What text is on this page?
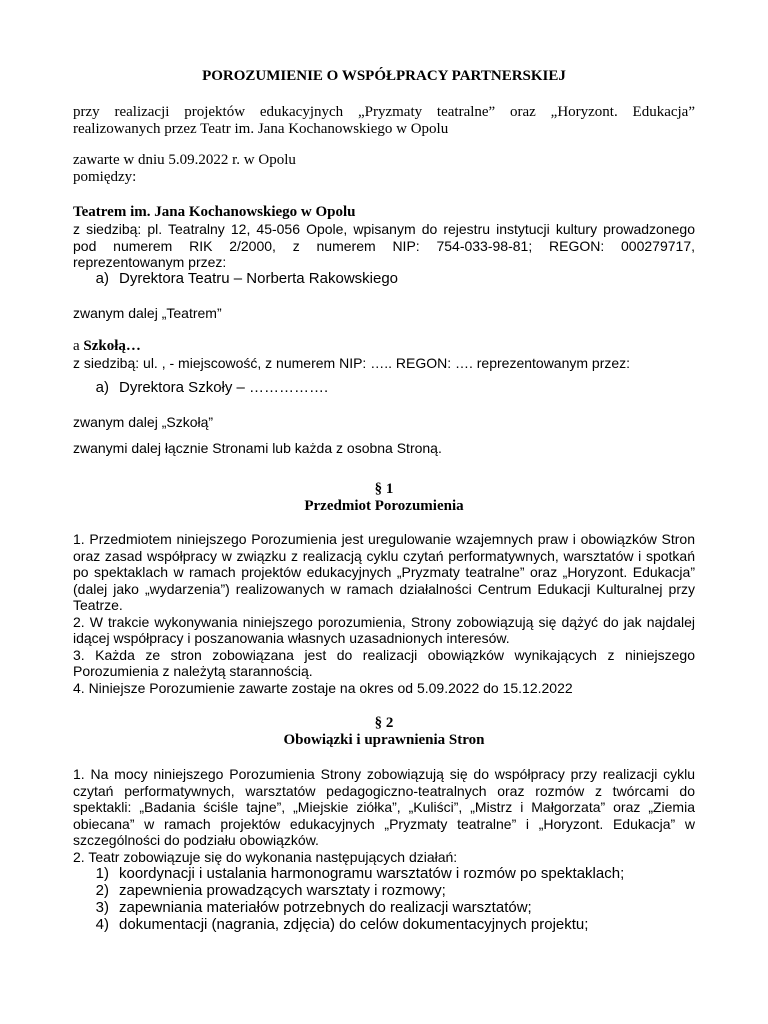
POROZUMIENIE O WSPÓŁPRACY PARTNERSKIEJ
przy realizacji projektów edukacyjnych „Pryzmaty teatralne” oraz „Horyzont. Edukacja”
realizowanych przez Teatr im. Jana Kochanowskiego w Opolu
zawarte w dniu 5.09.2022 r. w Opolu
pomiędzy:
Teatrem im. Jana Kochanowskiego w Opolu
z siedzibą: pl. Teatralny 12, 45-056 Opole, wpisanym do rejestru instytucji kultury prowadzonego
pod numerem RIK 2/2000, z numerem NIP: 754-033-98-81; REGON: 000279717,
reprezentowanym przez:
a) Dyrektora Teatru – Norberta Rakowskiego
zwanym dalej „Teatrem”
a Szkołą…
z siedzibą: ul. , - miejscowość, z numerem NIP: ….. REGON: …. reprezentowanym przez:
a) Dyrektora Szkoły – …………….
zwanym dalej „Szkołą”
zwanymi dalej łącznie Stronami lub każda z osobna Stroną.
§ 1
Przedmiot Porozumienia
1. Przedmiotem niniejszego Porozumienia jest uregulowanie wzajemnych praw i obowiązków Stron
oraz zasad współpracy w związku z realizacją cyklu czytań performatywnych, warsztatów i spotkań
po spektaklach w ramach projektów edukacyjnych „Pryzmaty teatralne” oraz „Horyzont. Edukacja”
(dalej jako „wydarzenia”) realizowanych w ramach działalności Centrum Edukacji Kulturalnej przy
Teatrze.
2. W trakcie wykonywania niniejszego porozumienia, Strony zobowiązują się dążyć do jak najdalej
idącej współpracy i poszanowania własnych uzasadnionych interesów.
3. Każda ze stron zobowiązana jest do realizacji obowiązków wynikających z niniejszego
Porozumienia z należytą starannością.
4. Niniejsze Porozumienie zawarte zostaje na okres od 5.09.2022 do 15.12.2022
§ 2
Obowiązki i uprawnienia Stron
1. Na mocy niniejszego Porozumienia Strony zobowiązują się do współpracy przy realizacji cyklu
czytań performatywnych, warsztatów pedagogiczno-teatralnych oraz rozmów z twórcami do
spektakli: „Badania ściśle tajne”, „Miejskie ziółka”, „Kuliści”, „Mistrz i Małgorzata” oraz „Ziemia
obiecana” w ramach projektów edukacyjnych „Pryzmaty teatralne” i „Horyzont. Edukacja” w
szczególności do podziału obowiązków.
2. Teatr zobowiązuje się do wykonania następujących działań:
1) koordynacji i ustalania harmonogramu warsztatów i rozmów po spektaklach;
2) zapewnienia prowadzących warsztaty i rozmowy;
3) zapewniania materiałów potrzebnych do realizacji warsztatów;
4) dokumentacji (nagrania, zdjęcia) do celów dokumentacyjnych projektu;
